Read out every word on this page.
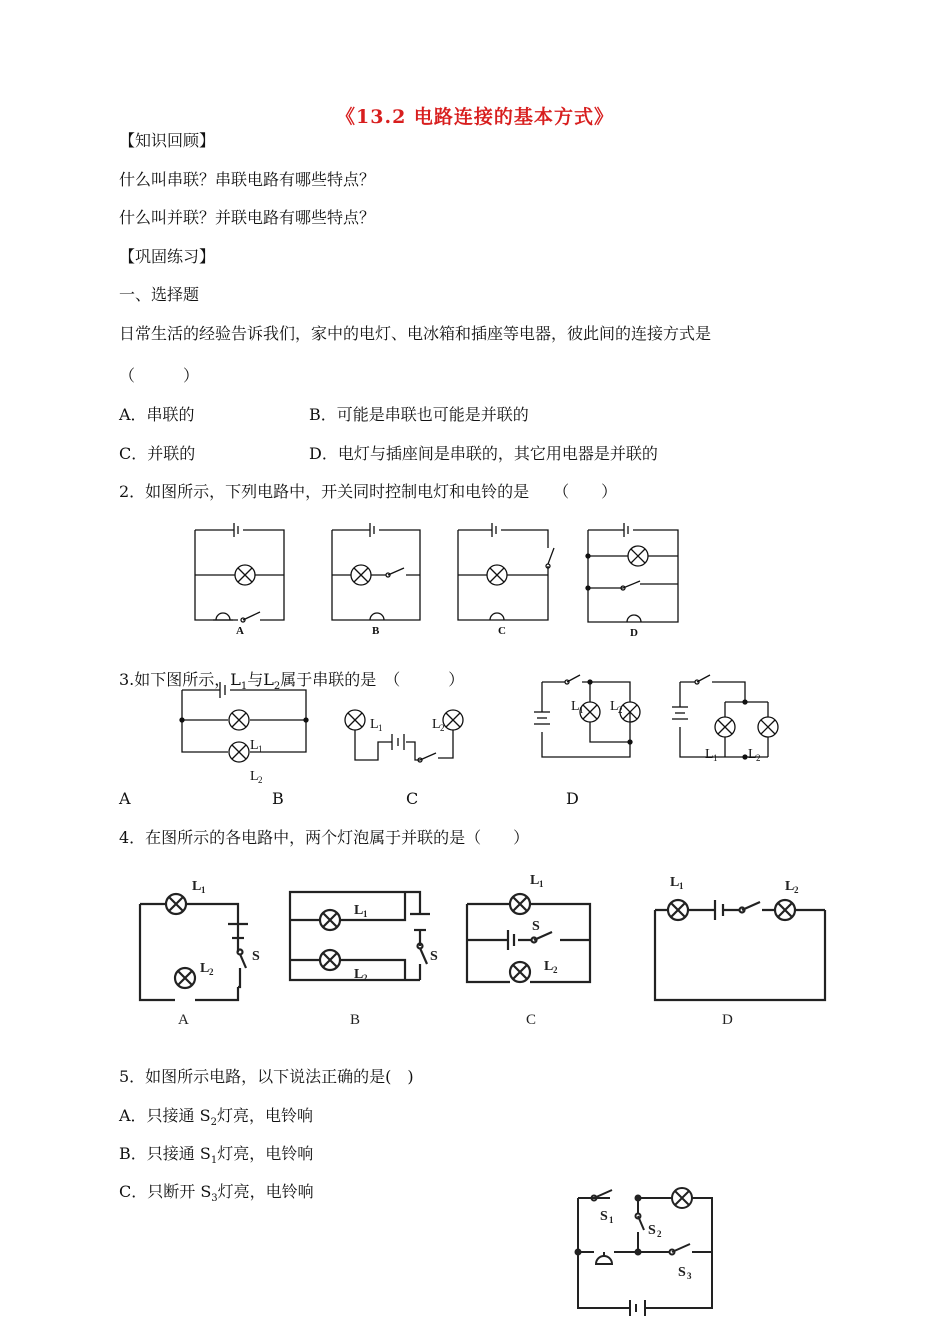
《13.2 电路连接的基本方式》
【知识回顾】
什么叫串联？串联电路有哪些特点？
什么叫并联？并联电路有哪些特点？
【巩固练习】
一、选择题
日常生活的经验告诉我们，家中的电灯、电冰箱和插座等电器，彼此间的连接方式是
（　　　）
A．串联的	B．可能是串联也可能是并联的
C．并联的	D．电灯与插座间是串联的，其它用电器是并联的
2．如图所示，下列电路中，开关同时控制电灯和电铃的是　　（　　）
A	B	C	D
3.如下图所示，$L_1$与$L_2$属于串联的是　（　　　）
L 1
L 2
L 1	L 2
L 1 L 2
L 1 L 2
A	B	C	D
4．在图所示的各电路中，两个灯泡属于并联的是（　　）
L 1
L 2
S
L 1
L 2
S
L 1
S
L 2
L 1	L 2
A	B	C	D
5．如图所示电路，以下说法正确的是(　)
A．只接通 $S_2$灯亮，电铃响
B．只接通 $S_1$灯亮，电铃响
C．只断开 $S_3$灯亮，电铃响
S 1
S 2
S 3
